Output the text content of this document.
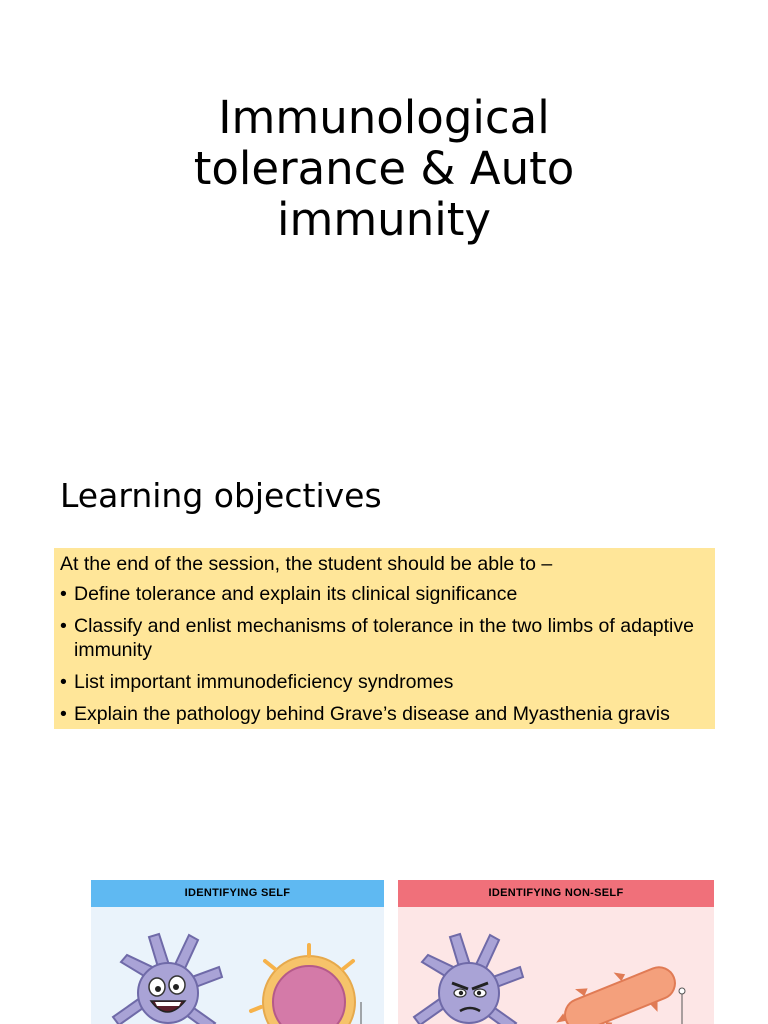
Immunological
tolerance & Auto
immunity
Learning objectives
At the end of the session, the student should be able to –
• Define tolerance and explain its clinical significance
• Classify and enlist mechanisms of tolerance in the two limbs of adaptive immunity
• List important immunodeficiency syndromes
• Explain the pathology behind Grave’s disease and Myasthenia gravis
IDENTIFYING SELF	IDENTIFYING NON-SELF
